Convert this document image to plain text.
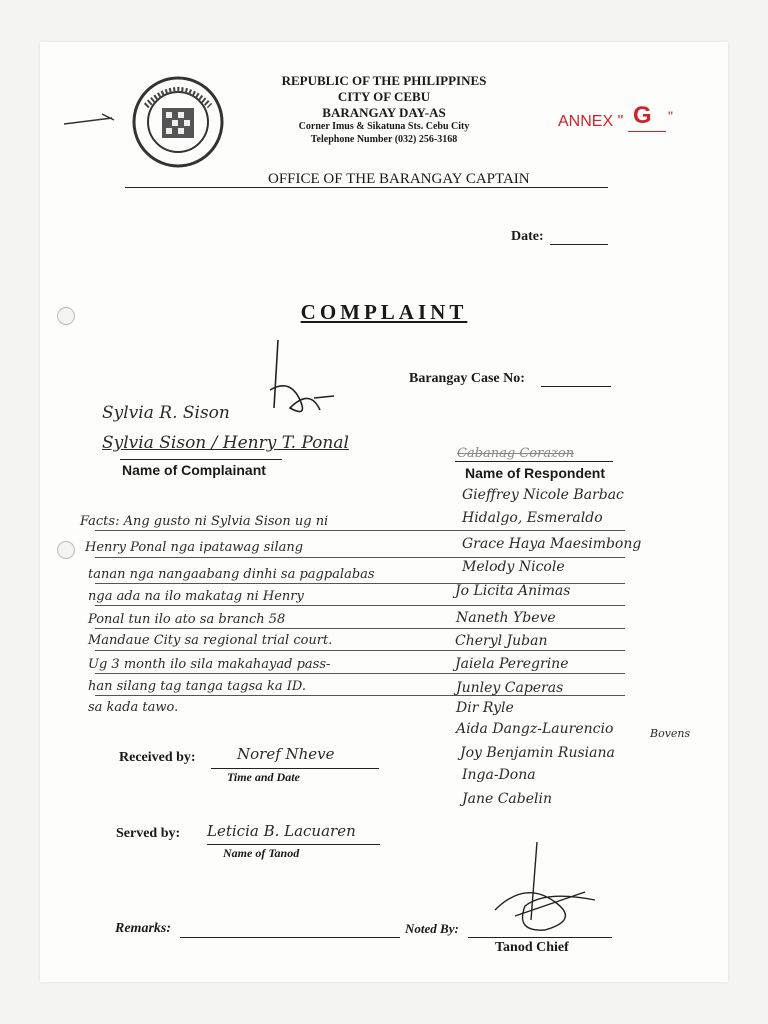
REPUBLIC OF THE PHILIPPINES
CITY OF CEBU
BARANGAY DAY-AS
Corner Imus & Sikatuna Sts. Cebu City
Telephone Number (032) 256-3168
ANNEX " G "
OFFICE OF THE BARANGAY CAPTAIN
Date:
COMPLAINT
Barangay Case No:
Sylvia R. Sison
Sylvia Sison / Henry T. Ponal
Name of Complainant
Cabanag Corazon
Name of Respondent
Gieffrey Nicole Barbac
Hidalgo, Esmeraldo
Grace Haya Maesimbong
Melody Nicole
Jo Licita Animas
Naneth Ybeve
Cheryl Juban
Jaiela Peregrine
Junley Caperas
Dir Ryle
Aida Dangz-Laurencio	Bovens
Joy Benjamin Rusiana
Inga-Dona
Jane Cabelin
Facts: Ang gusto ni Sylvia Sison ug ni
Henry Ponal nga ipatawag silang
tanan nga nangaabang dinhi sa pagpalabas
nga ada na ilo makatag ni Henry
Ponal tun ilo ato sa branch 58
Mandaue City sa regional trial court.
Ug 3 month ilo sila makahayad pass-
han silang tag tanga tagsa ka ID.
sa kada tawo.
Received by:	Noref Nheve
Time and Date
Served by: Leticia B. Lacuaren
Name of Tanod
Remarks:	Noted By:
Tanod Chief
